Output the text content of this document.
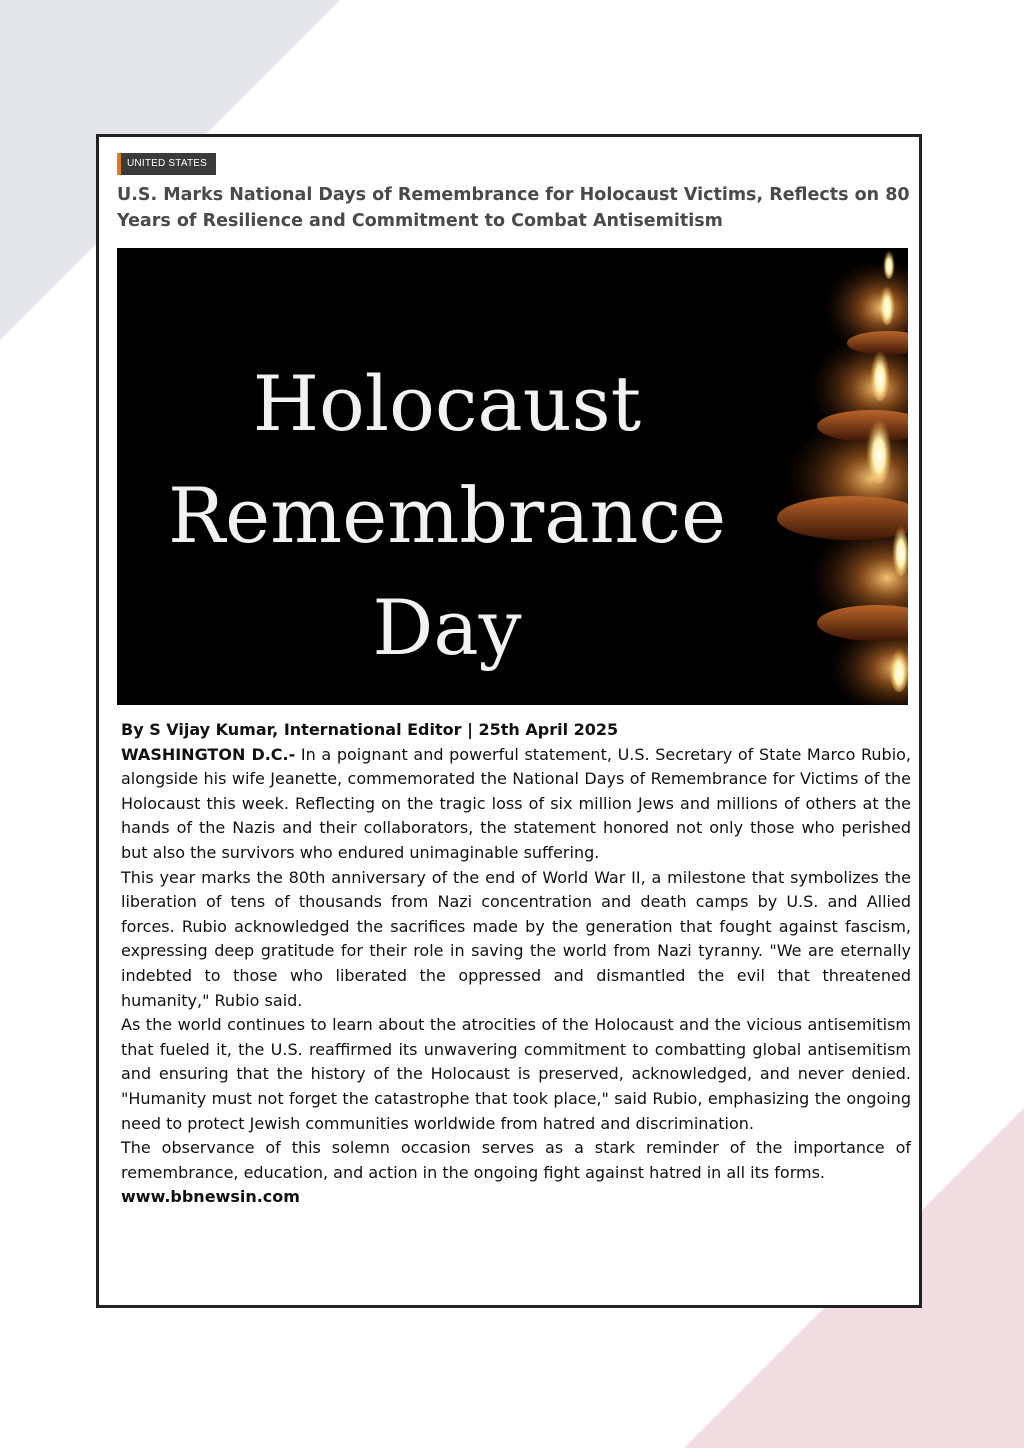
UNITED STATES
U.S. Marks National Days of Remembrance for Holocaust Victims, Reflects on 80 Years of Resilience and Commitment to Combat Antisemitism
Holocaust
Remembrance
Day
By S Vijay Kumar, International Editor | 25th April 2025

WASHINGTON D.C.- In a poignant and powerful statement, U.S. Secretary of State Marco Rubio, alongside his wife Jeanette, commemorated the National Days of Remembrance for Victims of the Holocaust this week. Reflecting on the tragic loss of six million Jews and millions of others at the hands of the Nazis and their collaborators, the statement honored not only those who perished but also the survivors who endured unimaginable suffering.

This year marks the 80th anniversary of the end of World War II, a milestone that symbolizes the liberation of tens of thousands from Nazi concentration and death camps by U.S. and Allied forces. Rubio acknowledged the sacrifices made by the generation that fought against fascism, expressing deep gratitude for their role in saving the world from Nazi tyranny. "We are eternally indebted to those who liberated the oppressed and dismantled the evil that threatened humanity," Rubio said.

As the world continues to learn about the atrocities of the Holocaust and the vicious antisemitism that fueled it, the U.S. reaffirmed its unwavering commitment to combatting global antisemitism and ensuring that the history of the Holocaust is preserved, acknowledged, and never denied. "Humanity must not forget the catastrophe that took place," said Rubio, emphasizing the ongoing need to protect Jewish communities worldwide from hatred and discrimination.

The observance of this solemn occasion serves as a stark reminder of the importance of remembrance, education, and action in the ongoing fight against hatred in all its forms.

www.bbnewsin.com
